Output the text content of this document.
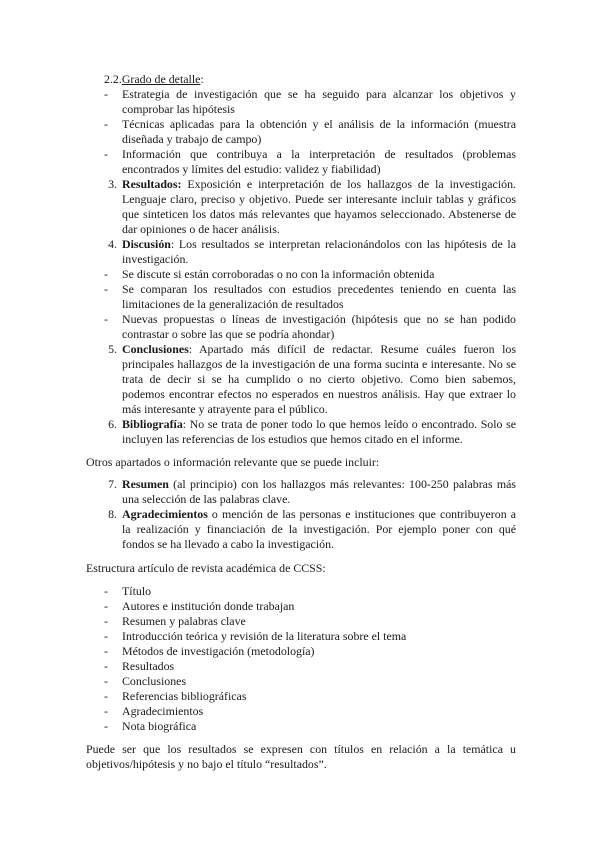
2.2.Grado de detalle:
-	Estrategia de investigación que se ha seguido para alcanzar los objetivos y comprobar las hipótesis
-	Técnicas aplicadas para la obtención y el análisis de la información (muestra diseñada y trabajo de campo)
-	Información que contribuya a la interpretación de resultados (problemas encontrados y límites del estudio: validez y fiabilidad)
3. Resultados: Exposición e interpretación de los hallazgos de la investigación. Lenguaje claro, preciso y objetivo. Puede ser interesante incluir tablas y gráficos que sinteticen los datos más relevantes que hayamos seleccionado. Abstenerse de dar opiniones o de hacer análisis.
4. Discusión: Los resultados se interpretan relacionándolos con las hipótesis de la investigación.
-	Se discute si están corroboradas o no con la información obtenida
-	Se comparan los resultados con estudios precedentes teniendo en cuenta las limitaciones de la generalización de resultados
-	Nuevas propuestas o líneas de investigación (hipótesis que no se han podido contrastar o sobre las que se podría ahondar)
5. Conclusiones: Apartado más difícil de redactar. Resume cuáles fueron los principales hallazgos de la investigación de una forma sucinta e interesante. No se trata de decir si se ha cumplido o no cierto objetivo. Como bien sabemos, podemos encontrar efectos no esperados en nuestros análisis. Hay que extraer lo más interesante y atrayente para el público.
6. Bibliografía: No se trata de poner todo lo que hemos leído o encontrado. Solo se incluyen las referencias de los estudios que hemos citado en el informe.
Otros apartados o información relevante que se puede incluir:
7. Resumen (al principio) con los hallazgos más relevantes: 100-250 palabras más una selección de las palabras clave.
8. Agradecimientos o mención de las personas e instituciones que contribuyeron a la realización y financiación de la investigación. Por ejemplo poner con qué fondos se ha llevado a cabo la investigación.
Estructura artículo de revista académica de CCSS:
-	Título
-	Autores e institución donde trabajan
-	Resumen y palabras clave
-	Introducción teórica y revisión de la literatura sobre el tema
-	Métodos de investigación (metodología)
-	Resultados
-	Conclusiones
-	Referencias bibliográficas
-	Agradecimientos
-	Nota biográfica
Puede ser que los resultados se expresen con títulos en relación a la temática u objetivos/hipótesis y no bajo el título “resultados”.
